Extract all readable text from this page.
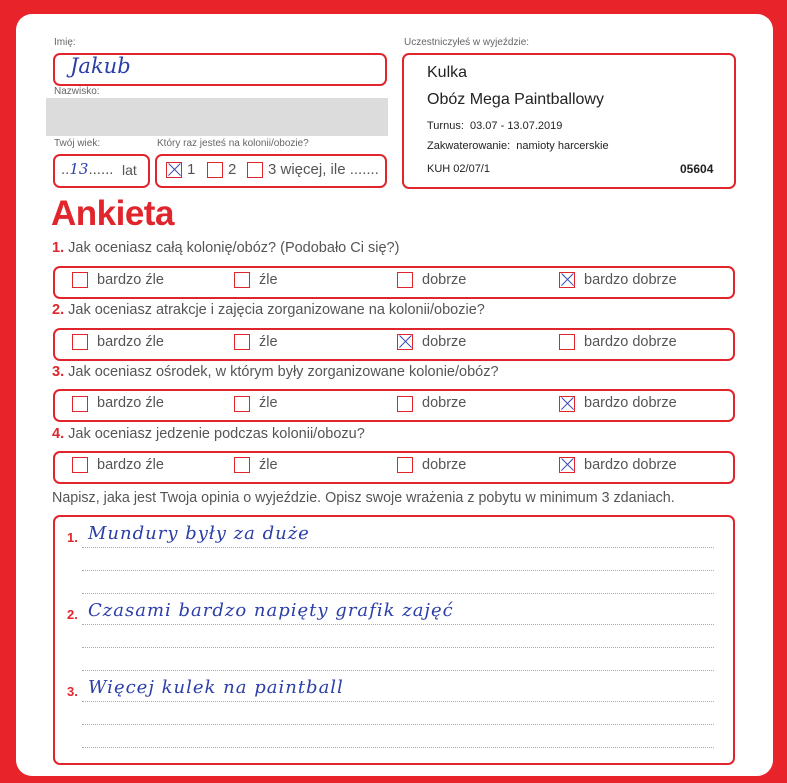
Imię:
Jakub
Nazwisko:
Twój wiek:
..13...... lat
Który raz jesteś na kolonii/obozie?
1 2 3 więcej, ile .......
Uczestniczyłeś w wyjeździe:
Kulka
Obóz Mega Paintballowy
Turnus: 03.07 - 13.07.2019
Zakwaterowanie: namioty harcerskie
KUH 02/07/1	05604
Ankieta
1. Jak oceniasz całą kolonię/obóz? (Podobało Ci się?)
bardzo źle	źle	dobrze	bardzo dobrze
2. Jak oceniasz atrakcje i zajęcia zorganizowane na kolonii/obozie?
bardzo źle	źle	dobrze	bardzo dobrze
3. Jak oceniasz ośrodek, w którym były zorganizowane kolonie/obóz?
bardzo źle	źle	dobrze	bardzo dobrze
4. Jak oceniasz jedzenie podczas kolonii/obozu?
bardzo źle	źle	dobrze	bardzo dobrze
Napisz, jaka jest Twoja opinia o wyjeździe. Opisz swoje wrażenia z pobytu w minimum 3 zdaniach.
1. Mundury były za duże
2. Czasami bardzo napięty grafik zajęć
3. Więcej kulek na paintball
